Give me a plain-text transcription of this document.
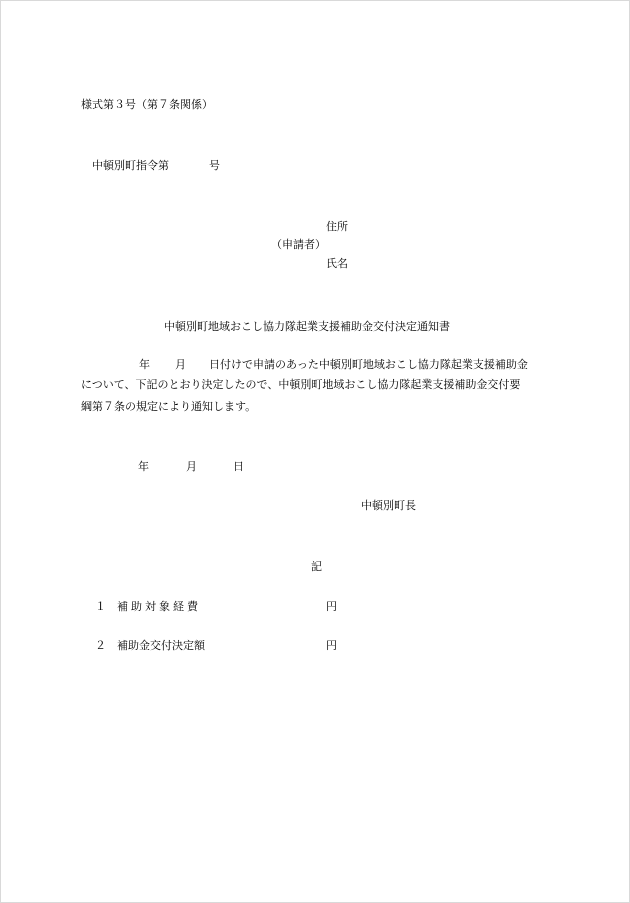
様式第３号（第７条関係）
中頓別町指令第	号
住所
（申請者）
氏名
中頓別町地域おこし協力隊起業支援補助金交付決定通知書
年 月 日付けで申請のあった中頓別町地域おこし協力隊起業支援補助金
について、下記のとおり決定したので、中頓別町地域おこし協力隊起業支援補助金交付要
綱第７条の規定により通知します。
年	月	日
中頓別町長
記
１ 補助対象経費	円
２ 補助金交付決定額	円
